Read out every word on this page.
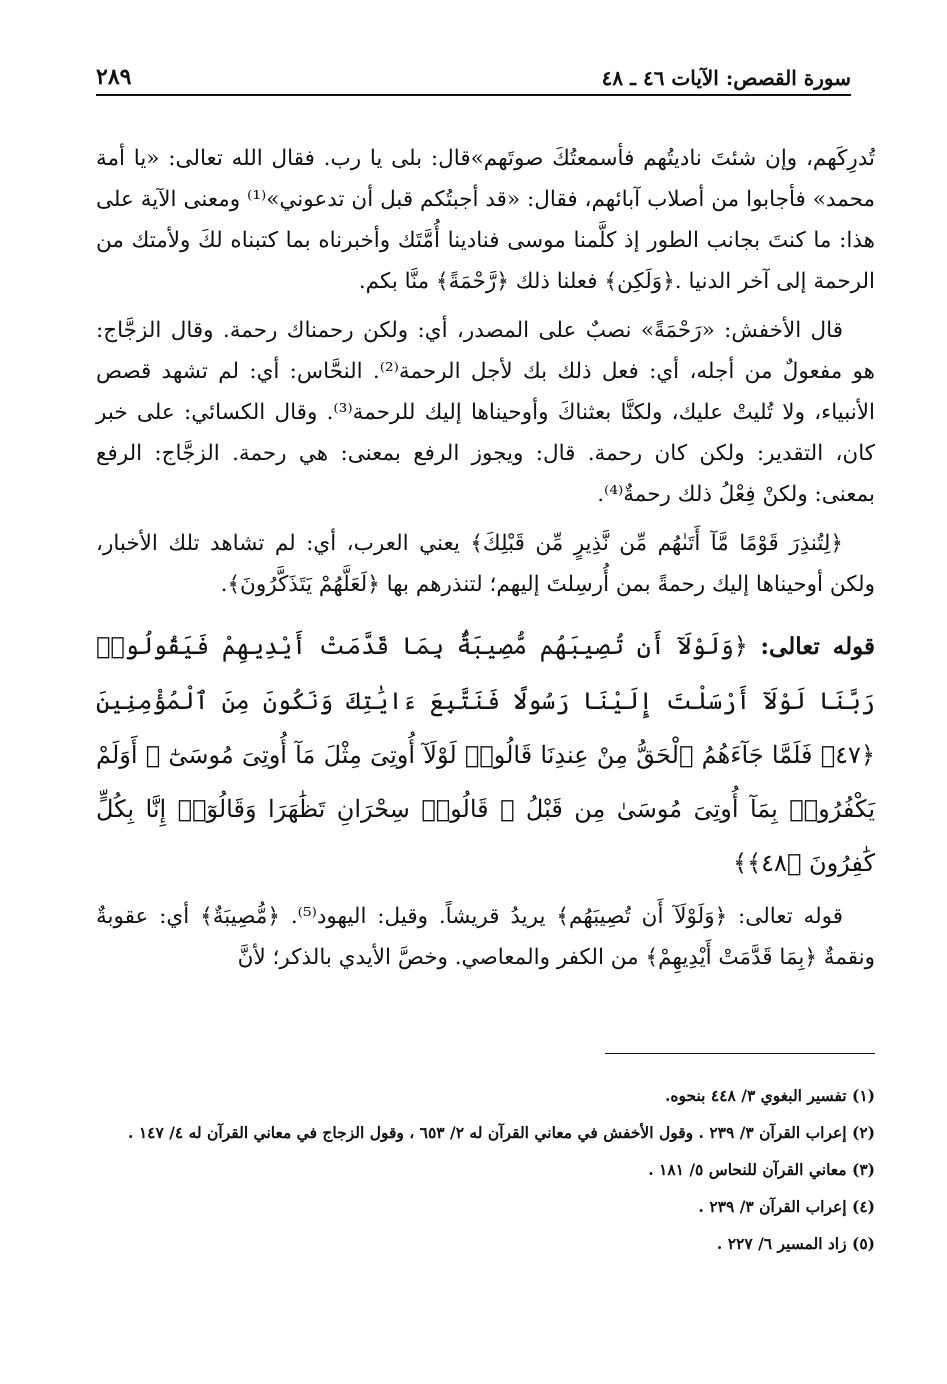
سورة القصص: الآيات ٤٦ ـ ٤٨
٢٨٩

تُدرِكَهم، وإن شئتَ ناديتُهم فأسمعتُكَ صوتَهم»قال: بلى يا رب. فقال الله تعالى: «يا أمة محمد» فأجابوا من أصلاب آبائهم، فقال: «قد أجبتُكم قبل أن تدعوني»⁽¹⁾ ومعنى الآية على هذا: ما كنتَ بجانب الطور إذ كلَّمنا موسى فنادينا أُمَّتَك وأخبرناه بما كتبناه لكَ ولأمتك من الرحمة إلى آخر الدنيا .﴿وَلَكِن﴾ فعلنا ذلك ﴿رَّحْمَةً﴾ منَّا بكم.

قال الأخفش: «رَحْمَةً» نصبٌ على المصدر، أي: ولكن رحمناك رحمة. وقال الزجَّاج: هو مفعولٌ من أجله، أي: فعل ذلك بك لأجل الرحمة⁽²⁾. النحَّاس: أي: لم تشهد قصص الأنبياء، ولا تُليتْ عليك، ولكنَّا بعثناكَ وأوحيناها إليك للرحمة⁽³⁾. وقال الكسائي: على خبر كان، التقدير: ولكن كان رحمة. قال: ويجوز الرفع بمعنى: هي رحمة. الزجَّاج: الرفع بمعنى: ولكنْ فِعْلُ ذلك رحمةٌ⁽⁴⁾.

﴿لِتُنذِرَ قَوْمًا مَّآ أَتَىٰهُم مِّن نَّذِيرٍ مِّن قَبْلِكَ﴾ يعني العرب، أي: لم تشاهد تلك الأخبار، ولكن أوحيناها إليك رحمةً بمن أُرسِلتَ إليهم؛ لتنذرهم بها ﴿لَعَلَّهُمْ يَتَذَكَّرُونَ﴾.

قوله تعالى: ﴿وَلَوْلَآ أَن تُصِيبَهُم مُّصِيبَةٌۢ بِمَا قَدَّمَتْ أَيْدِيهِمْ فَيَقُولُوا۟ رَبَّنَا لَوْلَآ أَرْسَلْتَ إِلَيْنَا رَسُولًا فَنَتَّبِعَ ءَايَٰتِكَ وَنَكُونَ مِنَ ٱلْمُؤْمِنِينَ ﴿٤٧﴾ فَلَمَّا جَآءَهُمُ ٱلْحَقُّ مِنْ عِندِنَا قَالُوا۟ لَوْلَآ أُوتِىَ مِثْلَ مَآ أُوتِىَ مُوسَىٰٓ ۚ أَوَلَمْ يَكْفُرُوا۟ بِمَآ أُوتِىَ مُوسَىٰ مِن قَبْلُ ۖ قَالُوا۟ سِحْرَانِ تَظَٰهَرَا وَقَالُوٓا۟ إِنَّا بِكُلٍّ كَٰفِرُونَ ﴿٤٨﴾﴾

قوله تعالى: ﴿وَلَوْلَآ أَن تُصِيبَهُم﴾ يريدُ قريشاً. وقيل: اليهود⁽⁵⁾. ﴿مُّصِيبَةٌ﴾ أي: عقوبةٌ ونقمةٌ ﴿بِمَا قَدَّمَتْ أَيْدِيهِمْ﴾ من الكفر والمعاصي. وخصَّ الأيدي بالذكر؛ لأنَّ

(١) تفسير البغوي ٣/ ٤٤٨ بنحوه.

(٢) إعراب القرآن ٣/ ٢٣٩ . وقول الأخفش في معاني القرآن له ٢/ ٦٥٣ ، وقول الزجاج في معاني القرآن له ٤/ ١٤٧ .

(٣) معاني القرآن للنحاس ٥/ ١٨١ .

(٤) إعراب القرآن ٣/ ٢٣٩ .

(٥) زاد المسير ٦/ ٢٢٧ .
